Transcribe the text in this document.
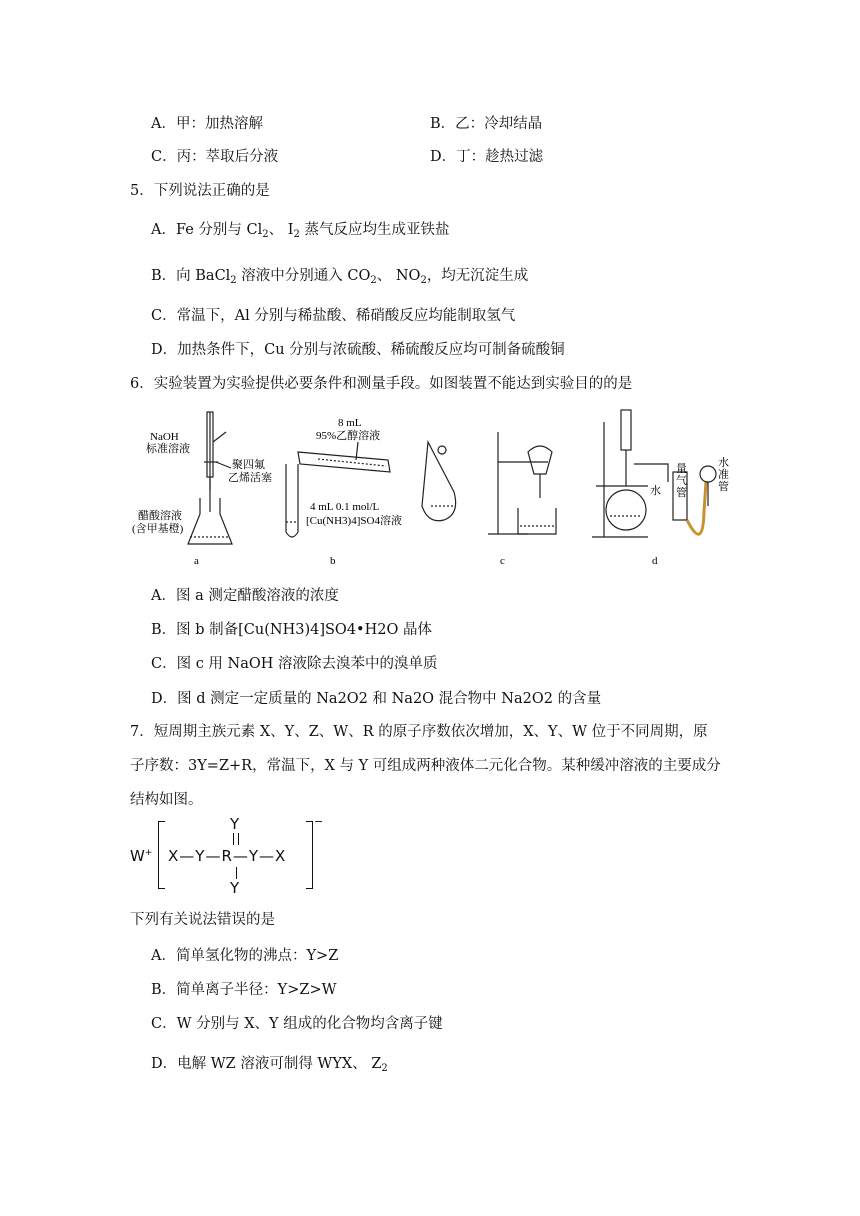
A．甲：加热溶解	B．乙：冷却结晶
C．丙：萃取后分液	D．丁：趁热过滤
5．下列说法正确的是
A．Fe 分别与 $Cl_2$、 $I_2$ 蒸气反应均生成亚铁盐
B．向 BaCl$_2$ 溶液中分别通入 $CO_2$、 $NO_2$，均无沉淀生成
C．常温下，Al 分别与稀盐酸、稀硝酸反应均能制取氢气
D．加热条件下，Cu 分别与浓硫酸、稀硫酸反应均可制备硫酸铜
6．实验装置为实验提供必要条件和测量手段。如图装置不能达到实验目的的是
NaOH
标准溶液
聚四氟
乙烯活塞
醋酸溶液
(含甲基橙)
8 mL
95%乙醇溶液
4 mL 0.1 mol/L
[Cu(NH3)4]SO4溶液
水
量
气
管
水
准
管
a	b	c	d
A．图 a 测定醋酸溶液的浓度
B．图 b 制备[Cu(NH3)4]SO4•H2O 晶体
C．图 c 用 NaOH 溶液除去溴苯中的溴单质
D．图 d 测定一定质量的 Na2O2 和 Na2O 混合物中 Na2O2 的含量
7．短周期主族元素 X、Y、Z、W、R 的原子序数依次增加，X、Y、W 位于不同周期，原
子序数：3Y=Z+R，常温下，X 与 Y 可组成两种液体二元化合物。某种缓冲溶液的主要成分
结构如图。
W+
−
Y
X—Y—R—Y—X
Y
下列有关说法错误的是
A．简单氢化物的沸点：Y>Z
B．简单离子半径：Y>Z>W
C．W 分别与 X、Y 组成的化合物均含离子键
D．电解 WZ 溶液可制得 WYX、 $Z_2$
